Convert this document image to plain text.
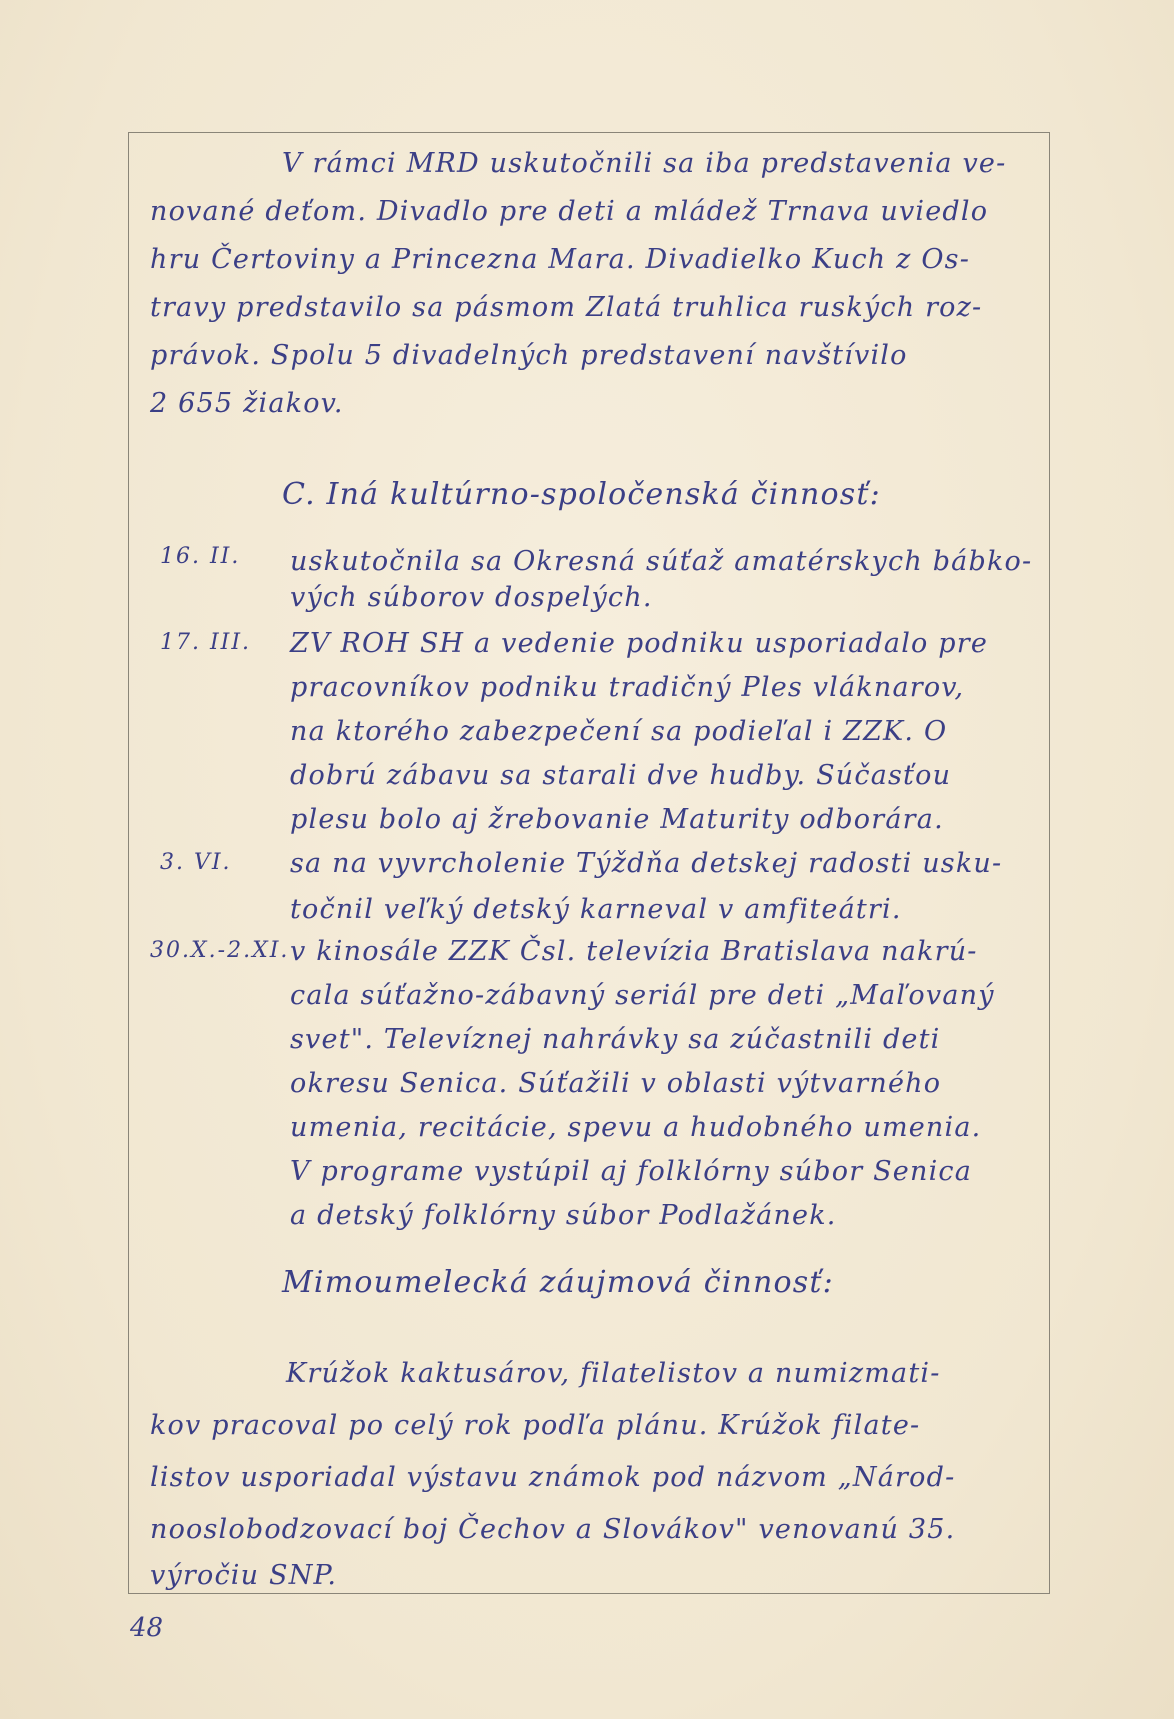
V rámci MRD uskutočnili sa iba predstavenia ve-
nované deťom. Divadlo pre deti a mládež Trnava uviedlo
hru Čertoviny a Princezna Mara. Divadielko Kuch z Os-
travy predstavilo sa pásmom Zlatá truhlica ruských roz-
právok. Spolu 5 divadelných predstavení navštívilo
2 655 žiakov.
C. Iná kultúrno-spoločenská činnosť:
16. II. uskutočnila sa Okresná súťaž amatérskych bábko-
vých súborov dospelých.
17. III. ZV ROH SH a vedenie podniku usporiadalo pre
pracovníkov podniku tradičný Ples vláknarov,
na ktorého zabezpečení sa podieľal i ZZK. O
dobrú zábavu sa starali dve hudby. Súčasťou
plesu bolo aj žrebovanie Maturity odborára.
3. VI. sa na vyvrcholenie Týždňa detskej radosti usku-
točnil veľký detský karneval v amfiteátri.
30.X.-2.XI. v kinosále ZZK Čsl. televízia Bratislava nakrú-
cala súťažno-zábavný seriál pre deti „Maľovaný
svet". Televíznej nahrávky sa zúčastnili deti
okresu Senica. Súťažili v oblasti výtvarného
umenia, recitácie, spevu a hudobného umenia.
V programe vystúpil aj folklórny súbor Senica
a detský folklórny súbor Podlažánek.
Mimoumelecká záujmová činnosť:
Krúžok kaktusárov, filatelistov a numizmati-
kov pracoval po celý rok podľa plánu. Krúžok filate-
listov usporiadal výstavu známok pod názvom „Národ-
nooslobodzovací boj Čechov a Slovákov" venovanú 35.
výročiu SNP.
48
